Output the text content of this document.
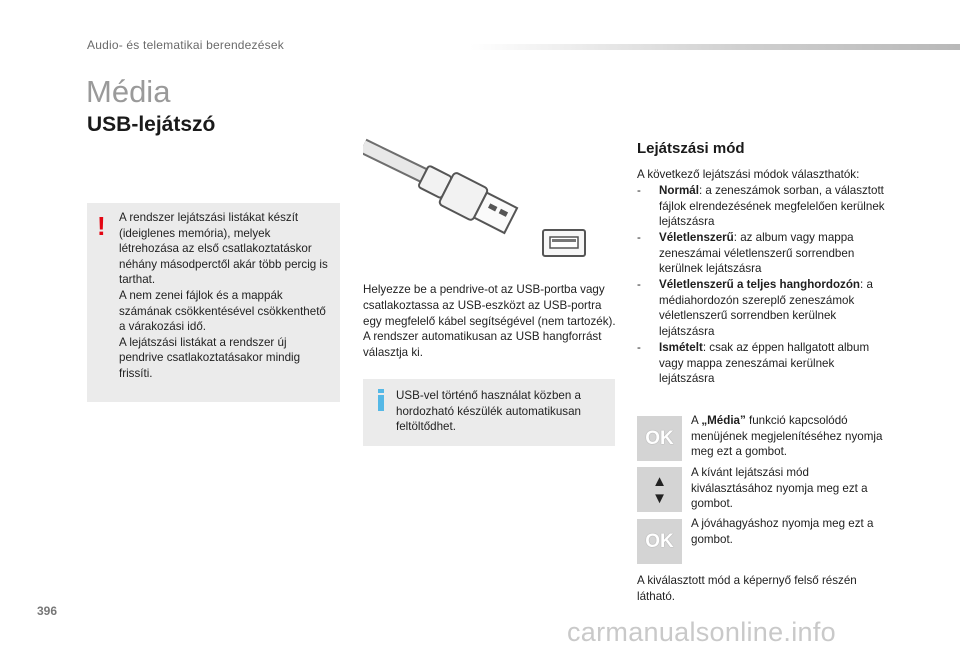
Audio- és telematikai berendezések
Média
USB-lejátszó
! A rendszer lejátszási listákat készít (ideiglenes memória), melyek létrehozása az első csatlakoztatáskor néhány másodperctől akár több percig is tarthat.
A nem zenei fájlok és a mappák számának csökkentésével csökkenthető a várakozási idő.
A lejátszási listákat a rendszer új pendrive csatlakoztatásakor mindig frissíti.
Helyezze be a pendrive-ot az USB-portba vagy csatlakoztassa az USB-eszközt az USB-portra egy megfelelő kábel segítségével (nem tartozék).
A rendszer automatikusan az USB hangforrást választja ki.
USB-vel történő használat közben a hordozható készülék automatikusan feltöltődhet.
Lejátszási mód
A következő lejátszási módok választhatók:
- Normál: a zeneszámok sorban, a választott fájlok elrendezésének megfelelően kerülnek lejátszásra
- Véletlenszerű: az album vagy mappa zeneszámai véletlenszerű sorrendben kerülnek lejátszásra
- Véletlenszerű a teljes hanghordozón: a médiahordozón szereplő zeneszámok véletlenszerű sorrendben kerülnek lejátszásra
- Ismételt: csak az éppen hallgatott album vagy mappa zeneszámai kerülnek lejátszásra
OK
A „Média” funkció kapcsolódó menüjének megjelenítéséhez nyomja meg ezt a gombot.
▲
▼
A kívánt lejátszási mód kiválasztásához nyomja meg ezt a gombot.
OK
A jóváhagyáshoz nyomja meg ezt a gombot.
A kiválasztott mód a képernyő felső részén látható.
396
carmanualsonline.info
